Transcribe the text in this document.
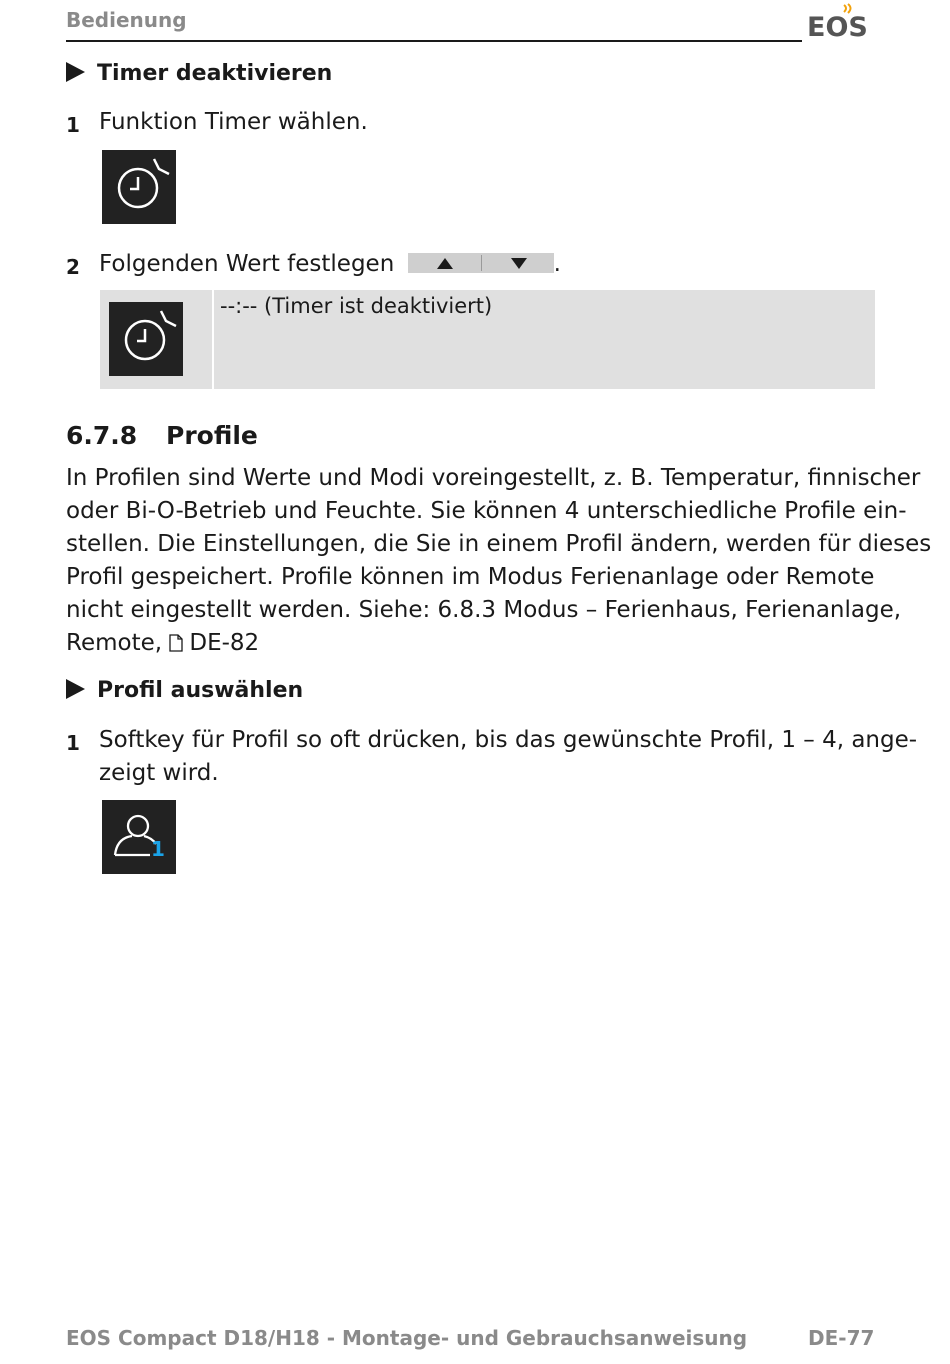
Bedienung	EOS
Timer deaktivieren
1 Funktion Timer wählen.
2 Folgenden Wert festlegen	.
--:-- (Timer ist deaktiviert)
6.7.8 Profile
In Profilen sind Werte und Modi voreingestellt, z. B. Temperatur, finnischer
oder Bi-O-Betrieb und Feuchte. Sie können 4 unterschiedliche Profile ein-
stellen. Die Einstellungen, die Sie in einem Profil ändern, werden für dieses
Profil gespeichert. Profile können im Modus Ferienanlage oder Remote
nicht eingestellt werden. Siehe: 6.8.3 Modus – Ferienhaus, Ferienanlage,
Remote, DE-82
Profil auswählen
1 Softkey für Profil so oft drücken, bis das gewünschte Profil, 1 – 4, ange-
zeigt wird.
1
EOS Compact D18/H18 - Montage- und Gebrauchsanweisung	DE-77
